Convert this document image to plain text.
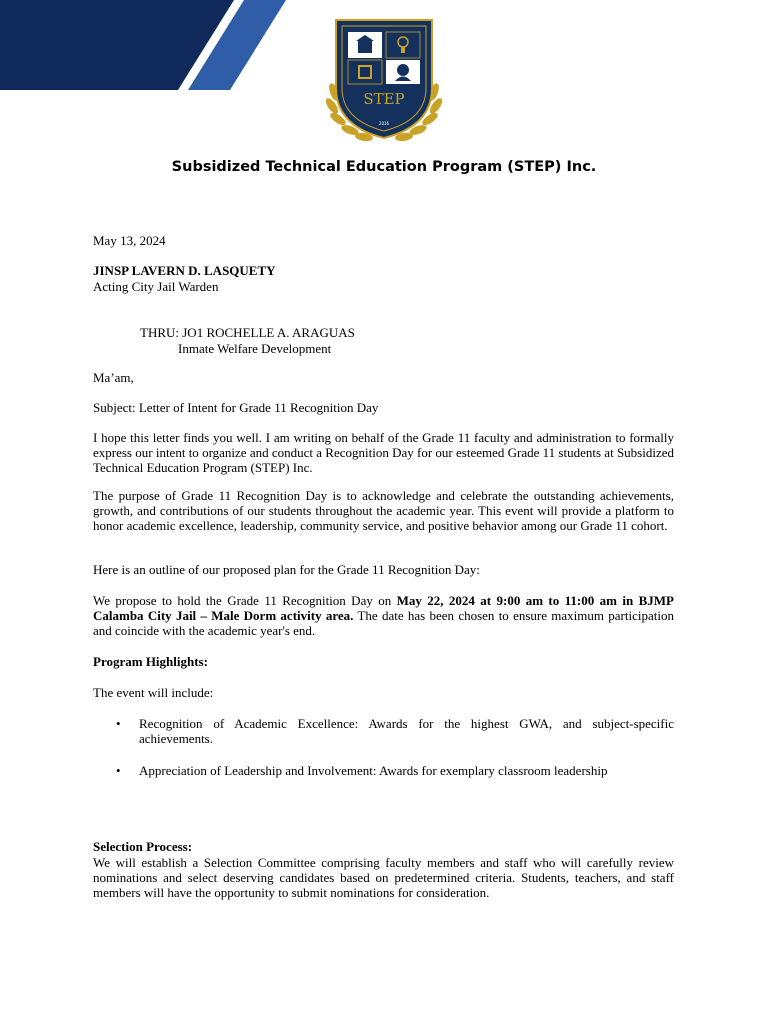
STEP
2016
Subsidized Technical Education Program (STEP) Inc.
May 13, 2024
JINSP LAVERN D. LASQUETY
Acting City Jail Warden
THRU: JO1 ROCHELLE A. ARAGUAS
Inmate Welfare Development
Ma’am,
Subject: Letter of Intent for Grade 11 Recognition Day
I hope this letter finds you well. I am writing on behalf of the Grade 11 faculty and administration to formally express our intent to organize and conduct a Recognition Day for our esteemed Grade 11 students at Subsidized Technical Education Program (STEP) Inc.
The purpose of Grade 11 Recognition Day is to acknowledge and celebrate the outstanding achievements, growth, and contributions of our students throughout the academic year. This event will provide a platform to honor academic excellence, leadership, community service, and positive behavior among our Grade 11 cohort.
Here is an outline of our proposed plan for the Grade 11 Recognition Day:
We propose to hold the Grade 11 Recognition Day on May 22, 2024 at 9:00 am to 11:00 am in BJMP Calamba City Jail – Male Dorm activity area. The date has been chosen to ensure maximum participation and coincide with the academic year's end.
Program Highlights:
The event will include:
• Recognition of Academic Excellence: Awards for the highest GWA, and subject-specific achievements.
• Appreciation of Leadership and Involvement: Awards for exemplary classroom leadership
Selection Process:
We will establish a Selection Committee comprising faculty members and staff who will carefully review nominations and select deserving candidates based on predetermined criteria. Students, teachers, and staff members will have the opportunity to submit nominations for consideration.
